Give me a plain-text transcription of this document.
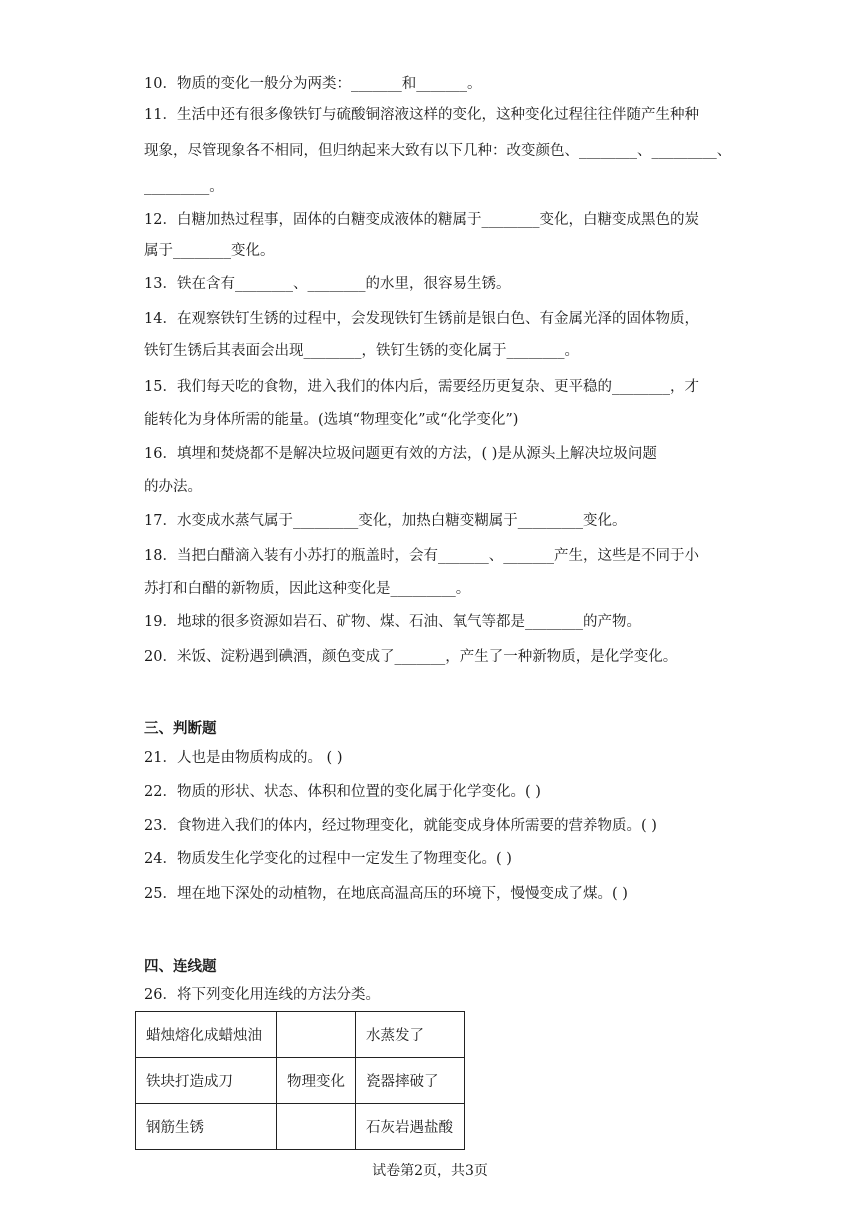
10．物质的变化一般分为两类：_______和_______。
11．生活中还有很多像铁钉与硫酸铜溶液这样的变化，这种变化过程往往伴随产生种种
现象，尽管现象各不相同，但归纳起来大致有以下几种：改变颜色、________、_________、
_________。
12．白糖加热过程事，固体的白糖变成液体的糖属于________变化，白糖变成黑色的炭
属于________变化。
13．铁在含有________、________的水里，很容易生锈。
14．在观察铁钉生锈的过程中，会发现铁钉生锈前是银白色、有金属光泽的固体物质，
铁钉生锈后其表面会出现________，铁钉生锈的变化属于________。
15．我们每天吃的食物，进入我们的体内后，需要经历更复杂、更平稳的________，才
能转化为身体所需的能量。(选填“物理变化”或“化学变化”)
16．填埋和焚烧都不是解决垃圾问题更有效的方法，( )是从源头上解决垃圾问题
的办法。
17．水变成水蒸气属于_________变化，加热白糖变糊属于_________变化。
18．当把白醋滴入装有小苏打的瓶盖时，会有_______、_______产生，这些是不同于小
苏打和白醋的新物质，因此这种变化是_________。
19．地球的很多资源如岩石、矿物、煤、石油、氧气等都是________的产物。
20．米饭、淀粉遇到碘酒，颜色变成了_______，产生了一种新物质，是化学变化。
三、判断题
21．人也是由物质构成的。 ( )
22．物质的形状、状态、体积和位置的变化属于化学变化。( )
23．食物进入我们的体内，经过物理变化，就能变成身体所需要的营养物质。( )
24．物质发生化学变化的过程中一定发生了物理变化。( )
25．埋在地下深处的动植物，在地底高温高压的环境下，慢慢变成了煤。( )
四、连线题
26．将下列变化用连线的方法分类。
蜡烛熔化成蜡烛油		水蒸发了
铁块打造成刀	物理变化	瓷器摔破了
钢筋生锈		石灰岩遇盐酸
试卷第2页，共3页
